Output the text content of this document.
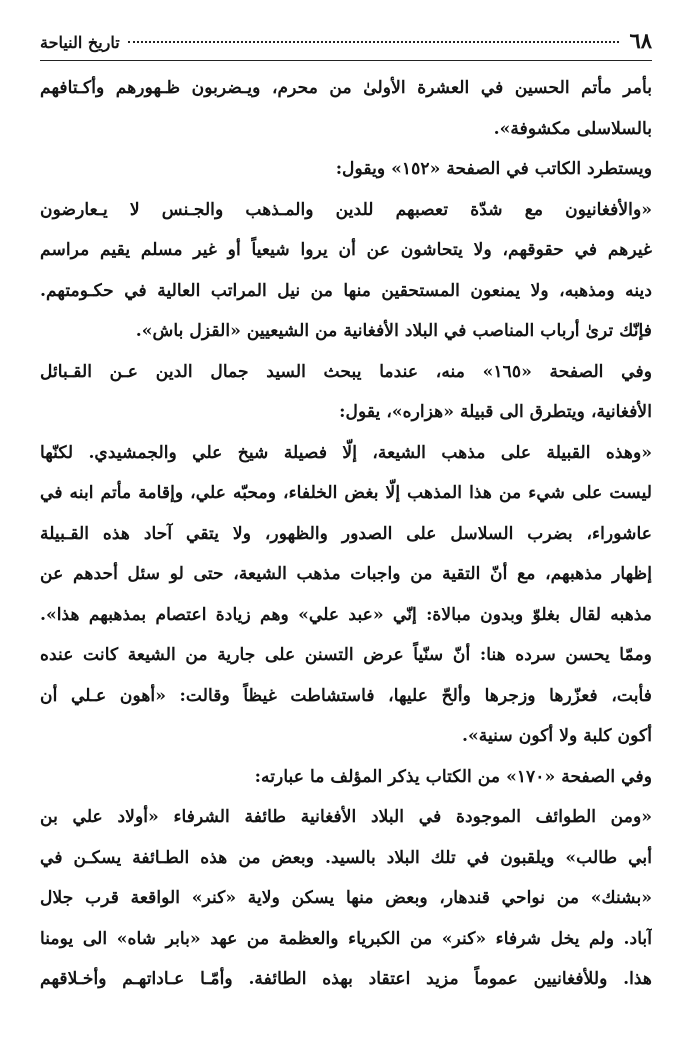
٦٨
تاريخ النياحة
بأمر مأتم الحسين في العشرة الأولىٰ من محرم، ويـضربون ظـهورهم وأكـتافهم
بالسلاسلى مكشوفة».
ويستطرد الكاتب في الصفحة «١٥٢» ويقول:
«والأفغانيون مع شدّة تعصبهم للدين والمـذهب والجـنس لا يـعارضون
غيرهم في حقوقهم، ولا يتحاشون عن أن يروا شيعياً أو غير مسلم يقيم مراسم
دينه ومذهبه، ولا يمنعون المستحقين منها من نيل المراتب العالية في حكـومتهم.
فإنّك ترىٰ أرباب المناصب في البلاد الأفغانية من الشيعيين «القزل باش».
وفي الصفحة «١٦٥» منه، عندما يبحث السيد جمال الدين عـن القـبائل
الأفغانية، ويتطرق الى قبيلة «هزاره»، يقول:
«وهذه القبيلة على مذهب الشيعة، إلّا فصيلة شيخ علي والجمشيدي. لكنّها
ليست على شيء من هذا المذهب إلّا بغض الخلفاء، ومحبّه علي، وإقامة مأتم ابنه في
عاشوراء، بضرب السلاسل على الصدور والظهور، ولا يتقي آحاد هذه القـبيلة
إظهار مذهبهم، مع أنّ التقية من واجبات مذهب الشيعة، حتى لو سئل أحدهم عن
مذهبه لقال بغلوّ وبدون مبالاة: إنّي «عبد علي» وهم زيادة اعتصام بمذهبهم هذا».
وممّا يحسن سرده هنا: أنّ سنّياً عرض التسنن على جارية من الشيعة كانت عنده
فأبت، فعزّرها وزجرها وألحّ عليها، فاستشاطت غيظاً وقالت: «أهون عـلي أن
أكون كلبة ولا أكون سنية».
وفي الصفحة «١٧٠» من الكتاب يذكر المؤلف ما عبارته:
«ومن الطوائف الموجودة في البلاد الأفغانية طائفة الشرفاء «أولاد علي بن
أبي طالب» ويلقبون في تلك البلاد بالسيد. وبعض من هذه الطـائفة يسكـن في
«بشنك» من نواحي قندهار، وبعض منها يسكن ولاية «كنر» الواقعة قرب جلال
آباد. ولم يخل شرفاء «كنر» من الكبرياء والعظمة من عهد «بابر شاه» الى يومنا
هذا. وللأفغانيين عموماً مزيد اعتقاد بهذه الطائفة. وأمّـا عـاداتهـم وأخـلاقهم
